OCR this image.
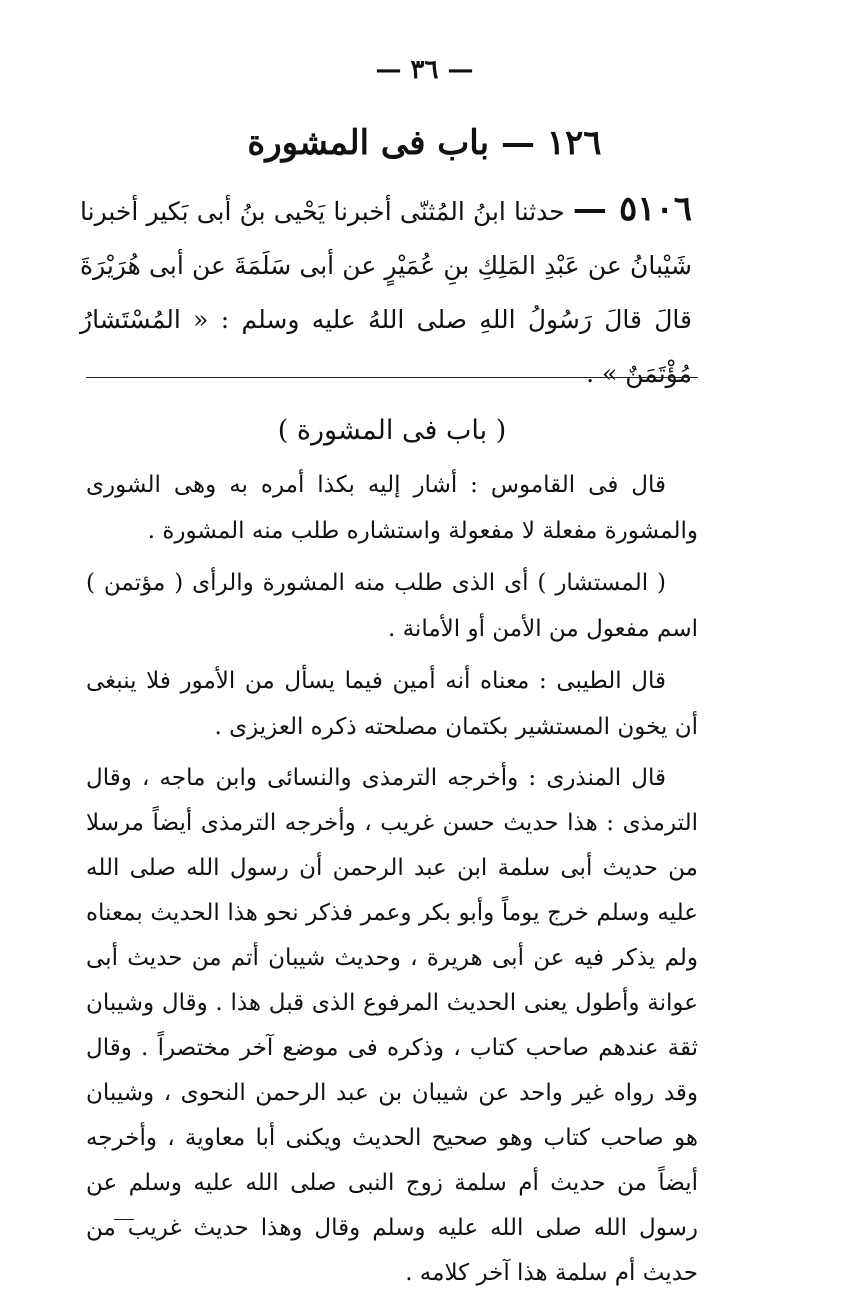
— ٣٦ —
١٢٦ — باب فى المشورة
٥١٠٦ — حدثنا ابنُ المُثنّى أخبرنا يَحْيى بنُ أبى بَكير أخبرنا شَيْبانُ عن عَبْدِ المَلِكِ بنِ عُمَيْرٍ عن أبى سَلَمَةَ عن أبى هُرَيْرَةَ قالَ قالَ رَسُولُ اللهِ صلى اللهُ عليه وسلم : « المُسْتَشارُ مُؤْتَمَنٌ » .
( باب فى المشورة )

قال فى القاموس : أشار إليه بكذا أمره به وهى الشورى والمشورة مفعلة لا مفعولة واستشاره طلب منه المشورة .

( المستشار ) أى الذى طلب منه المشورة والرأى ( مؤتمن ) اسم مفعول من الأمن أو الأمانة .

قال الطيبى : معناه أنه أمين فيما يسأل من الأمور فلا ينبغى أن يخون المستشير بكتمان مصلحته ذكره العزيزى .

قال المنذرى : وأخرجه الترمذى والنسائى وابن ماجه ، وقال الترمذى : هذا حديث حسن غريب ، وأخرجه الترمذى أيضاً مرسلا من حديث أبى سلمة ابن عبد الرحمن أن رسول الله صلى الله عليه وسلم خرج يوماً وأبو بكر وعمر فذكر نحو هذا الحديث بمعناه ولم يذكر فيه عن أبى هريرة ، وحديث شيبان أتم من حديث أبى عوانة وأطول يعنى الحديث المرفوع الذى قبل هذا . وقال وشيبان ثقة عندهم صاحب كتاب ، وذكره فى موضع آخر مختصراً . وقال وقد رواه غير واحد عن شيبان بن عبد الرحمن النحوى ، وشيبان هو صاحب كتاب وهو صحيح الحديث ويكنى أبا معاوية ، وأخرجه أيضاً من حديث أم سلمة زوج النبى صلى الله عليه وسلم عن رسول الله صلى الله عليه وسلم وقال وهذا حديث غريب من حديث أم سلمة هذا آخر كلامه .
